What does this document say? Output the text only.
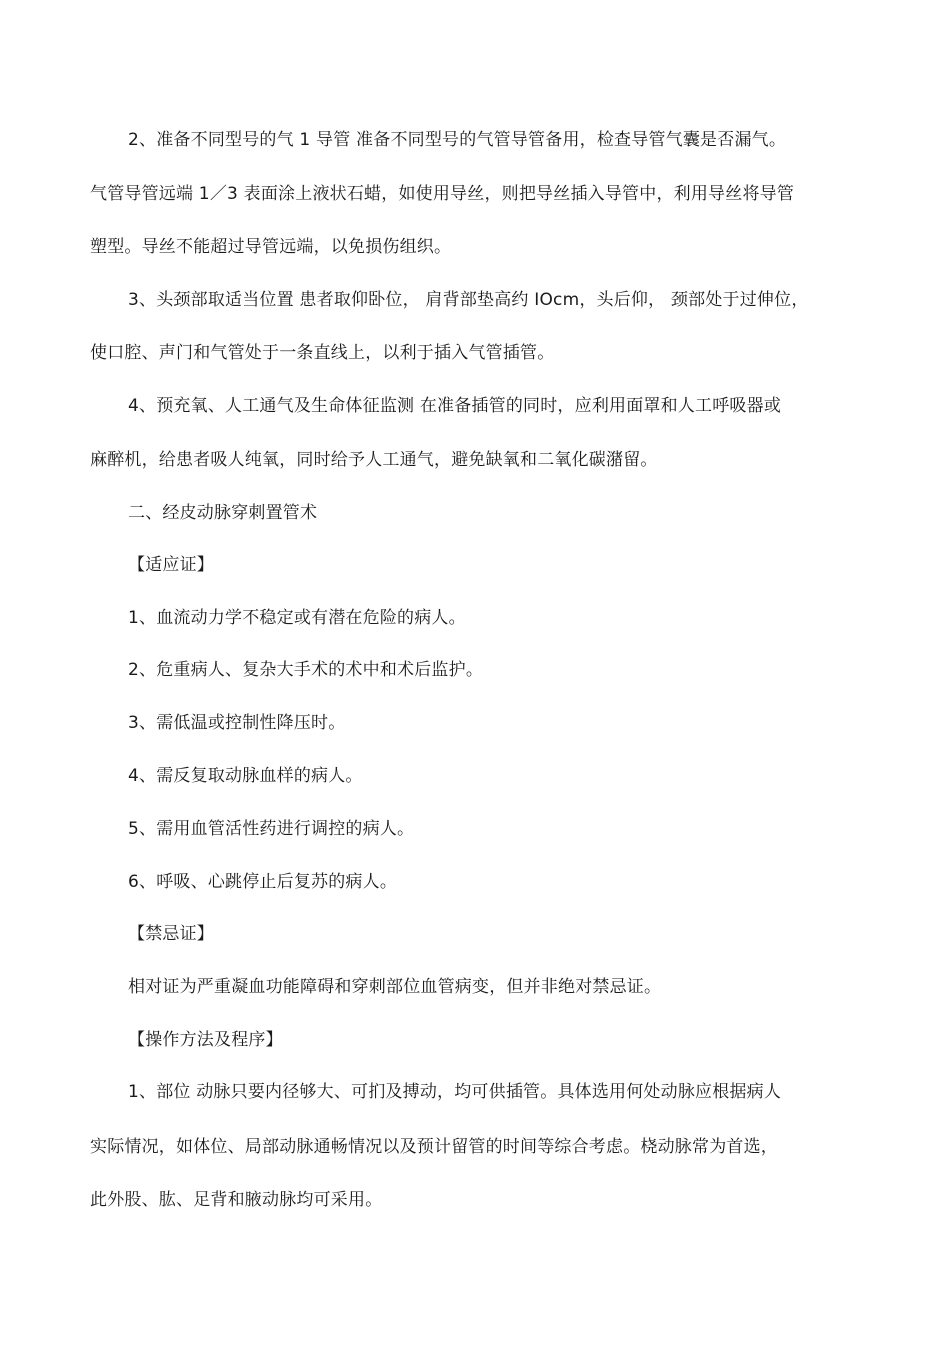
2、准备不同型号的气 1 导管 准备不同型号的气管导管备用，检查导管气囊是否漏气。
气管导管远端 1／3 表面涂上液状石蜡，如使用导丝，则把导丝插入导管中，利用导丝将导管
塑型。导丝不能超过导管远端，以免损伤组织。
3、头颈部取适当位置 患者取仰卧位， 肩背部垫高约 IOcm，头后仰， 颈部处于过伸位，
使口腔、声门和气管处于一条直线上，以利于插入气管插管。
4、预充氧、人工通气及生命体征监测 在准备插管的同时，应利用面罩和人工呼吸器或
麻醉机，给患者吸人纯氧，同时给予人工通气，避免缺氧和二氧化碳潴留。
二、经皮动脉穿刺置管术
【适应证】
1、血流动力学不稳定或有潜在危险的病人。
2、危重病人、复杂大手术的术中和术后监护。
3、需低温或控制性降压时。
4、需反复取动脉血样的病人。
5、需用血管活性药进行调控的病人。
6、呼吸、心跳停止后复苏的病人。
【禁忌证】
相对证为严重凝血功能障碍和穿刺部位血管病变，但并非绝对禁忌证。
【操作方法及程序】
1、部位 动脉只要内径够大、可扪及搏动，均可供插管。具体选用何处动脉应根据病人
实际情况，如体位、局部动脉通畅情况以及预计留管的时间等综合考虑。桡动脉常为首选，
此外股、肱、足背和腋动脉均可采用。
